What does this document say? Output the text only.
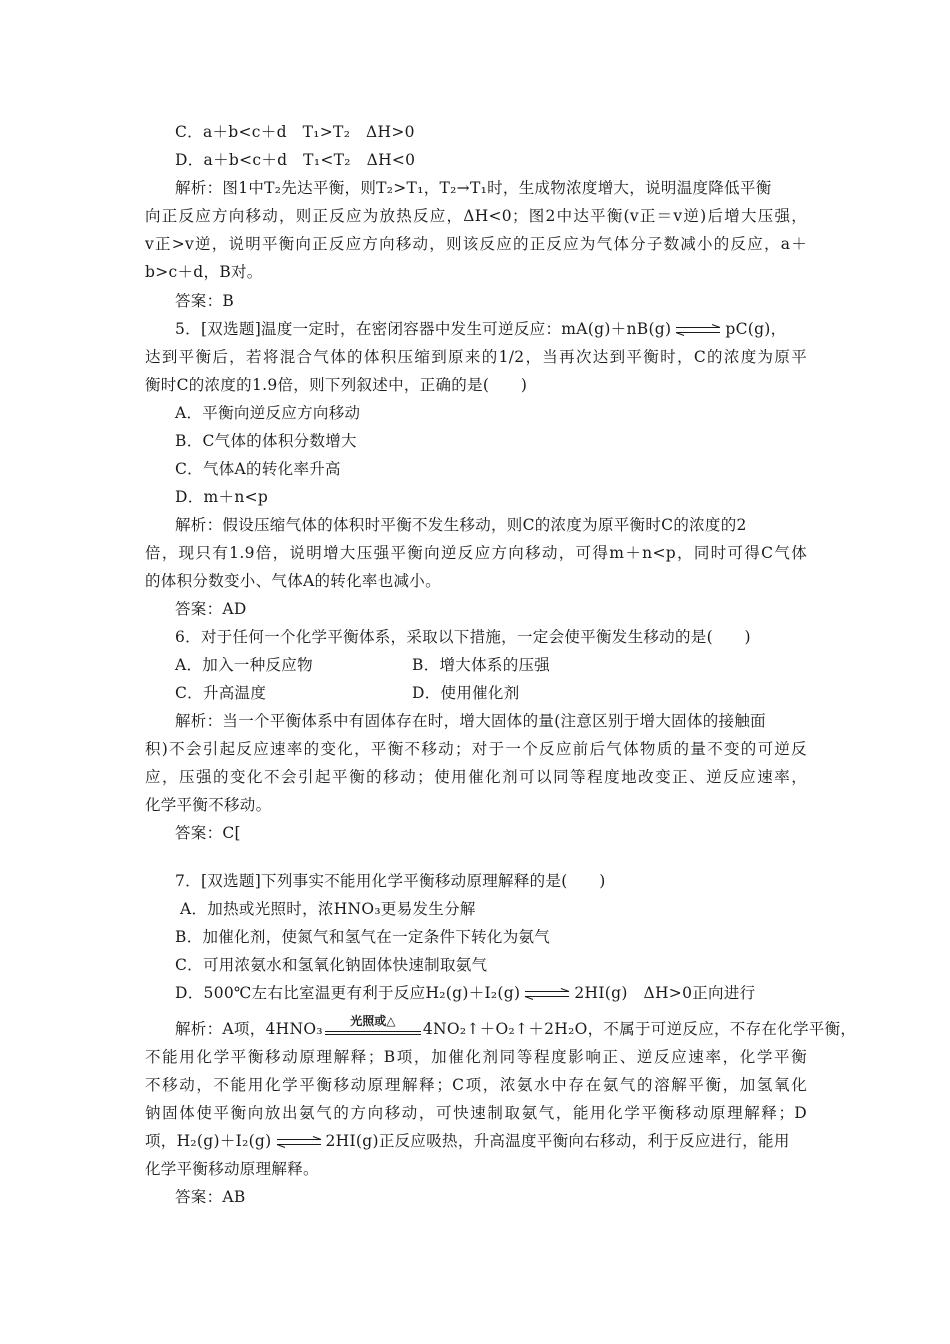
C．a＋b<c＋d　T₁>T₂　ΔH>0
D．a＋b<c＋d　T₁<T₂　ΔH<0
解析：图1中T₂先达平衡，则T₂>T₁，T₂→T₁时，生成物浓度增大，说明温度降低平衡
向正反应方向移动，则正反应为放热反应，ΔH<0；图2中达平衡(v正＝v逆)后增大压强，
v正>v逆，说明平衡向正反应方向移动，则该反应的正反应为气体分子数减小的反应，a＋
b>c＋d，B对。
答案：B
5．[双选题]温度一定时，在密闭容器中发生可逆反应：mA(g)＋nB(g) ⇌ pC(g)，
达到平衡后，若将混合气体的体积压缩到原来的1/2，当再次达到平衡时，C的浓度为原平
衡时C的浓度的1.9倍，则下列叙述中，正确的是(　　)
A．平衡向逆反应方向移动
B．C气体的体积分数增大
C．气体A的转化率升高
D．m＋n<p
解析：假设压缩气体的体积时平衡不发生移动，则C的浓度为原平衡时C的浓度的2
倍，现只有1.9倍，说明增大压强平衡向逆反应方向移动，可得m＋n<p，同时可得C气体
的体积分数变小、气体A的转化率也减小。
答案：AD
6．对于任何一个化学平衡体系，采取以下措施，一定会使平衡发生移动的是(　　)
A．加入一种反应物	B．增大体系的压强
C．升高温度	D．使用催化剂
解析：当一个平衡体系中有固体存在时，增大固体的量(注意区别于增大固体的接触面
积)不会引起反应速率的变化，平衡不移动；对于一个反应前后气体物质的量不变的可逆反
应，压强的变化不会引起平衡的移动；使用催化剂可以同等程度地改变正、逆反应速率，
化学平衡不移动。
答案：C[
7．[双选题]下列事实不能用化学平衡移动原理解释的是(　　)
A．加热或光照时，浓HNO₃更易发生分解
B．加催化剂，使氮气和氢气在一定条件下转化为氨气
C．可用浓氨水和氢氧化钠固体快速制取氨气
D．500℃左右比室温更有利于反应H₂(g)＋I₂(g) ⇌ 2HI(g)　ΔH>0正向进行
解析：A项，4HNO₃	光照或△	4NO₂↑＋O₂↑＋2H₂O，不属于可逆反应，不存在化学平衡，
不能用化学平衡移动原理解释；B项，加催化剂同等程度影响正、逆反应速率，化学平衡
不移动，不能用化学平衡移动原理解释；C项，浓氨水中存在氨气的溶解平衡，加氢氧化
钠固体使平衡向放出氨气的方向移动，可快速制取氨气，能用化学平衡移动原理解释；D
项，H₂(g)＋I₂(g) ⇌ 2HI(g)正反应吸热，升高温度平衡向右移动，利于反应进行，能用
化学平衡移动原理解释。
答案：AB
